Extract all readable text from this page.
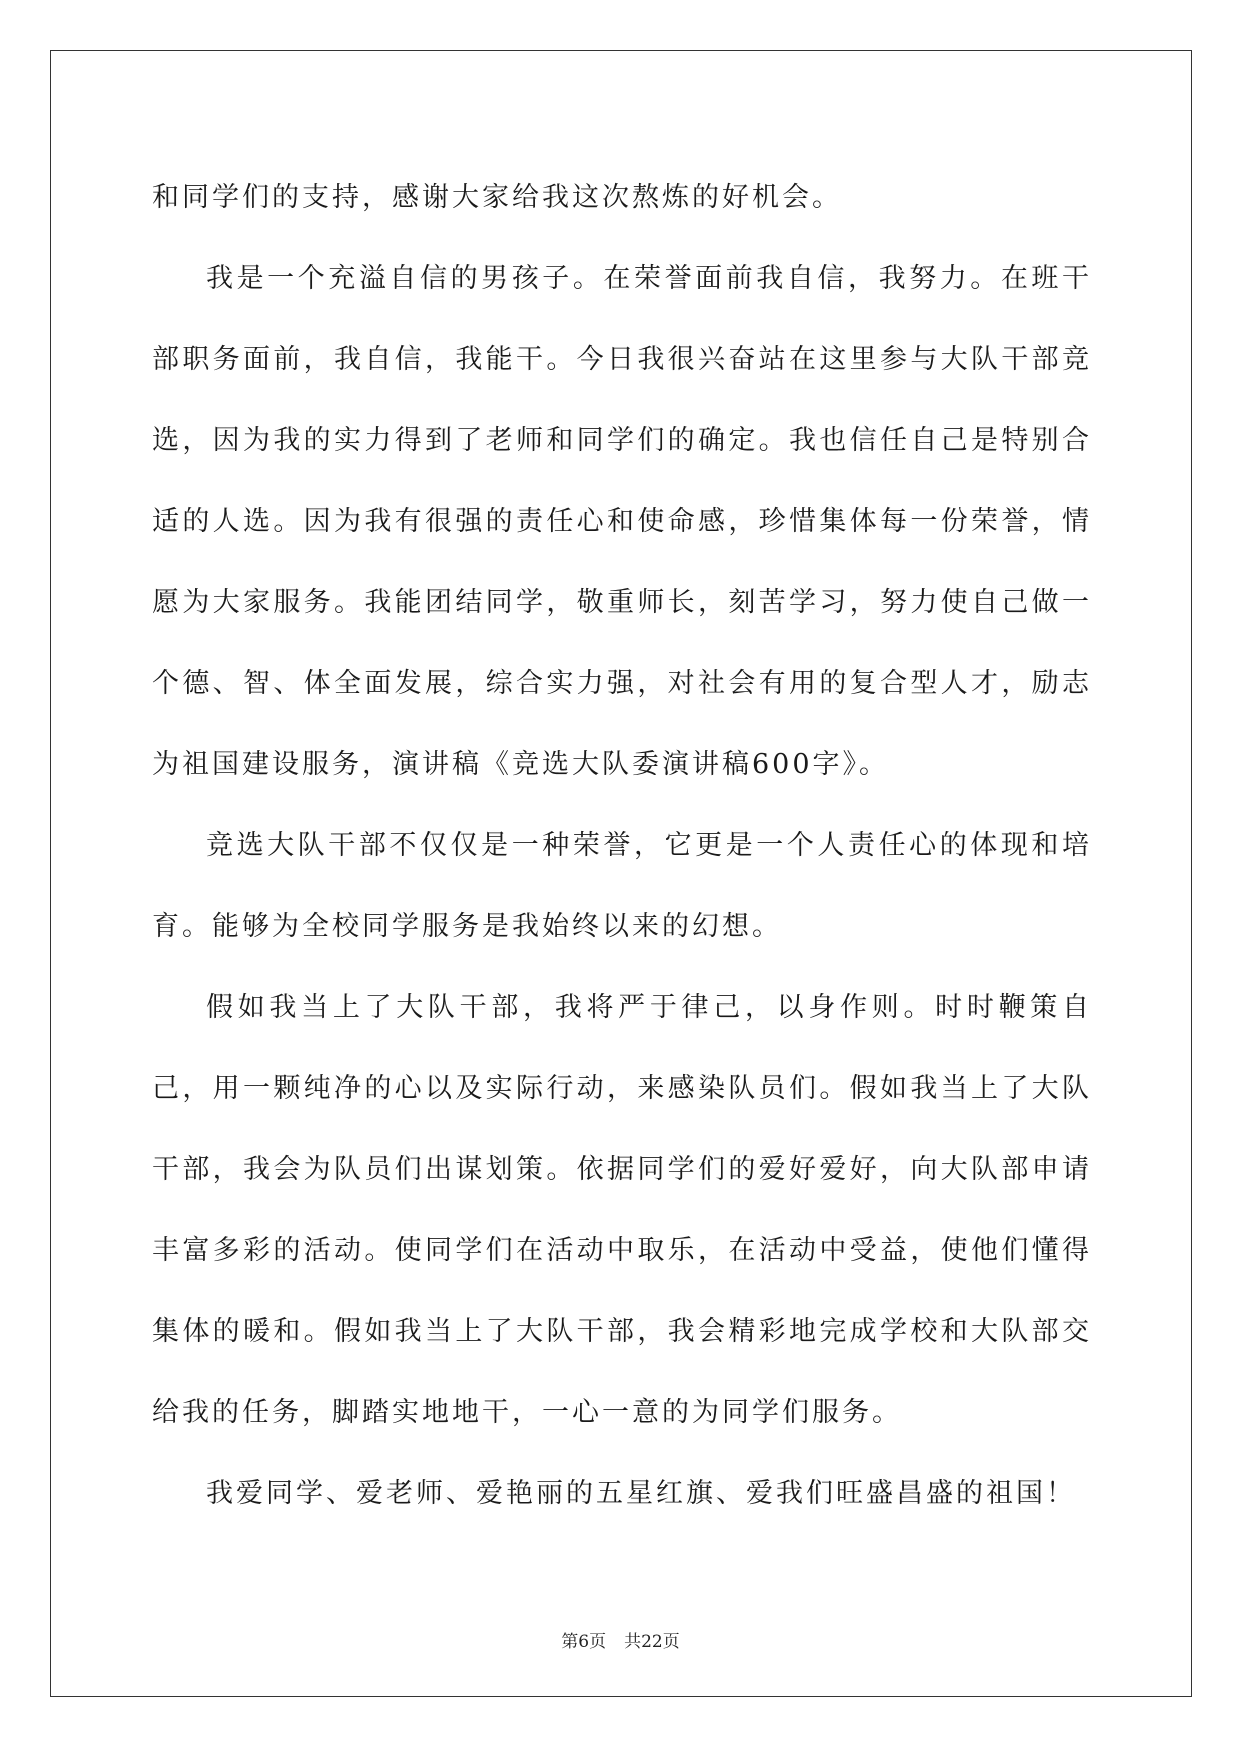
和同学们的支持，感谢大家给我这次熬炼的好机会。

我是一个充溢自信的男孩子。在荣誉面前我自信，我努力。在班干部职务面前，我自信，我能干。今日我很兴奋站在这里参与大队干部竞选，因为我的实力得到了老师和同学们的确定。我也信任自己是特别合适的人选。因为我有很强的责任心和使命感，珍惜集体每一份荣誉，情愿为大家服务。我能团结同学，敬重师长，刻苦学习，努力使自己做一个德、智、体全面发展，综合实力强，对社会有用的复合型人才，励志为祖国建设服务，演讲稿《竞选大队委演讲稿600字》。

竞选大队干部不仅仅是一种荣誉，它更是一个人责任心的体现和培育。能够为全校同学服务是我始终以来的幻想。

假如我当上了大队干部，我将严于律己，以身作则。时时鞭策自己，用一颗纯净的心以及实际行动，来感染队员们。假如我当上了大队干部，我会为队员们出谋划策。依据同学们的爱好爱好，向大队部申请丰富多彩的活动。使同学们在活动中取乐，在活动中受益，使他们懂得集体的暖和。假如我当上了大队干部，我会精彩地完成学校和大队部交给我的任务，脚踏实地地干，一心一意的为同学们服务。

我爱同学、爱老师、爱艳丽的五星红旗、爱我们旺盛昌盛的祖国！

第6页 共22页
